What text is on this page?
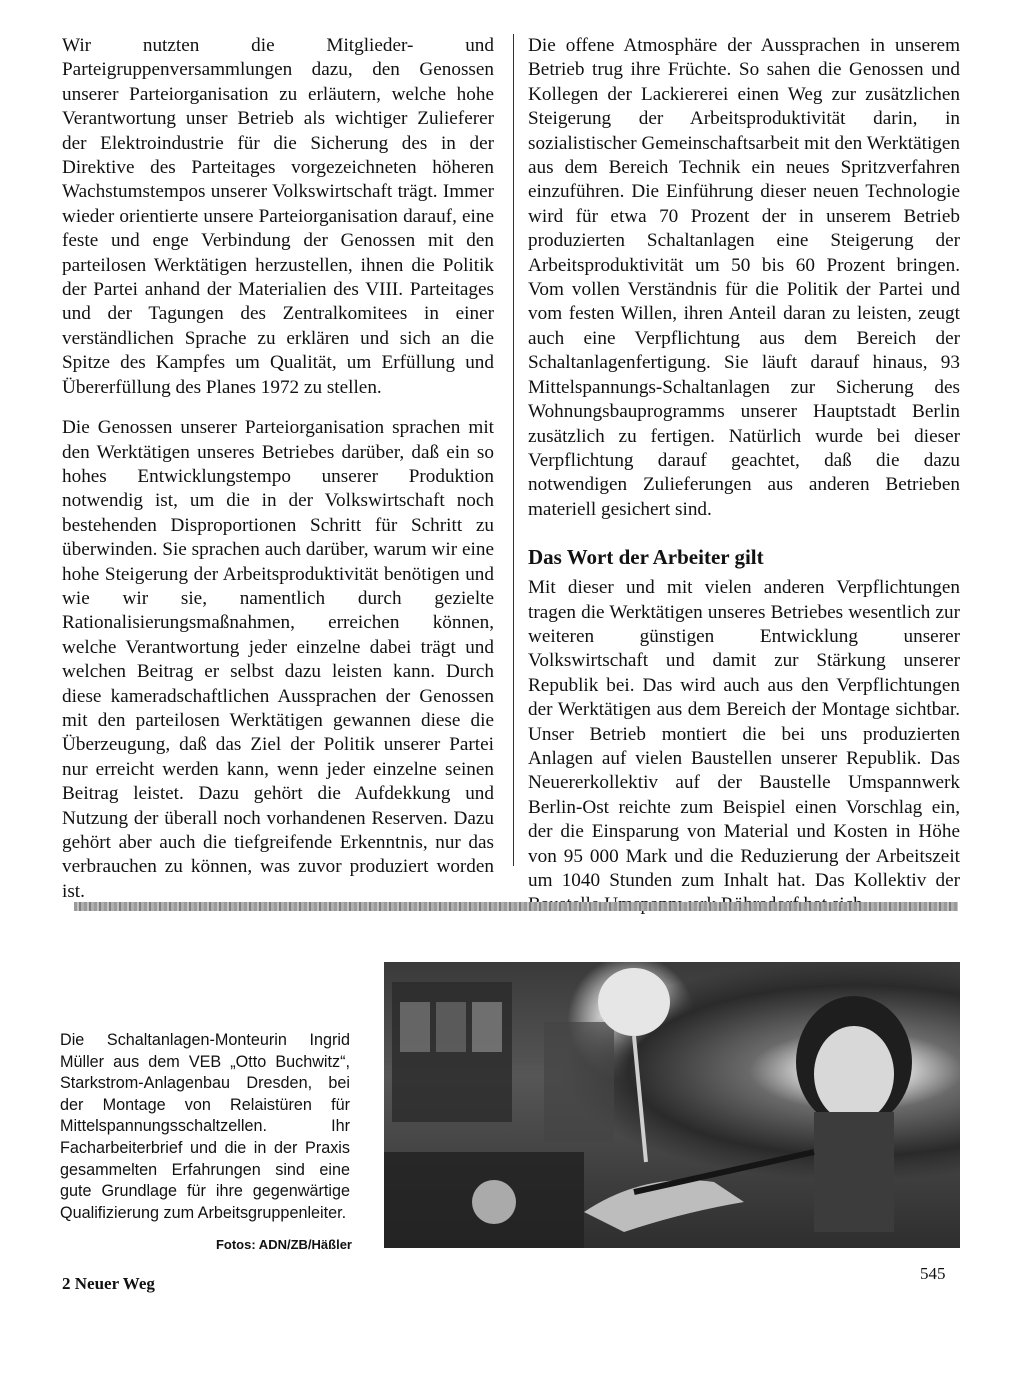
Wir nutzten die Mitglieder- und Parteigruppenversammlungen dazu, den Genossen unserer Parteiorganisation zu erläutern, welche hohe Verantwortung unser Betrieb als wichtiger Zulieferer der Elektroindustrie für die Sicherung des in der Direktive des Parteitages vorgezeichneten höheren Wachstumstempos unserer Volkswirtschaft trägt. Immer wieder orientierte unsere Parteiorganisation darauf, eine feste und enge Verbindung der Genossen mit den parteilosen Werktätigen herzustellen, ihnen die Politik der Partei anhand der Materialien des VIII. Parteitages und der Tagungen des Zentralkomitees in einer verständlichen Sprache zu erklären und sich an die Spitze des Kampfes um Qualität, um Erfüllung und Übererfüllung des Planes 1972 zu stellen.

Die Genossen unserer Parteiorganisation sprachen mit den Werktätigen unseres Betriebes darüber, daß ein so hohes Entwicklungstempo unserer Produktion notwendig ist, um die in der Volkswirtschaft noch bestehenden Disproportionen Schritt für Schritt zu überwinden. Sie sprachen auch darüber, warum wir eine hohe Steigerung der Arbeitsproduktivität benötigen und wie wir sie, namentlich durch gezielte Rationalisierungsmaßnahmen, erreichen können, welche Verantwortung jeder einzelne dabei trägt und welchen Beitrag er selbst dazu leisten kann. Durch diese kameradschaftlichen Aussprachen der Genossen mit den parteilosen Werktätigen gewannen diese die Überzeugung, daß das Ziel der Politik unserer Partei nur erreicht werden kann, wenn jeder einzelne seinen Beitrag leistet. Dazu gehört die Aufdekkung und Nutzung der überall noch vorhandenen Reserven. Dazu gehört aber auch die tiefgreifende Erkenntnis, nur das verbrauchen zu können, was zuvor produziert worden ist.

Die offene Atmosphäre der Aussprachen in unserem Betrieb trug ihre Früchte. So sahen die Genossen und Kollegen der Lackiererei einen Weg zur zusätzlichen Steigerung der Arbeitsproduktivität darin, in sozialistischer Gemeinschaftsarbeit mit den Werktätigen aus dem Bereich Technik ein neues Spritzverfahren einzuführen. Die Einführung dieser neuen Technologie wird für etwa 70 Prozent der in unserem Betrieb produzierten Schaltanlagen eine Steigerung der Arbeitsproduktivität um 50 bis 60 Prozent bringen. Vom vollen Verständnis für die Politik der Partei und vom festen Willen, ihren Anteil daran zu leisten, zeugt auch eine Verpflichtung aus dem Bereich der Schaltanlagenfertigung. Sie läuft darauf hinaus, 93 Mittelspannungs-Schaltanlagen zur Sicherung des Wohnungsbauprogramms unserer Hauptstadt Berlin zusätzlich zu fertigen. Natürlich wurde bei dieser Verpflichtung darauf geachtet, daß die dazu notwendigen Zulieferungen aus anderen Betrieben materiell gesichert sind.

Das Wort der Arbeiter gilt

Mit dieser und mit vielen anderen Verpflichtungen tragen die Werktätigen unseres Betriebes wesentlich zur weiteren günstigen Entwicklung unserer Volkswirtschaft und damit zur Stärkung unserer Republik bei. Das wird auch aus den Verpflichtungen der Werktätigen aus dem Bereich der Montage sichtbar. Unser Betrieb montiert die bei uns produzierten Anlagen auf vielen Baustellen unserer Republik. Das Neuererkollektiv auf der Baustelle Umspannwerk Berlin-Ost reichte zum Beispiel einen Vorschlag ein, der die Einsparung von Material und Kosten in Höhe von 95 000 Mark und die Reduzierung der Arbeitszeit um 1040 Stunden zum Inhalt hat. Das Kollektiv der

Die Schaltanlagen-Monteurin Ingrid Müller aus dem VEB „Otto Buchwitz“, Starkstrom-Anlagenbau Dresden, bei der Montage von Relaistüren für Mittelspannungsschaltzellen. Ihr Facharbeiterbrief und die in der Praxis gesammelten Erfahrungen sind eine gute Grundlage für ihre gegenwärtige Qualifizierung zum Arbeitsgruppenleiter.
Fotos: ADN/ZB/Häßler
2 Neuer Weg
545
